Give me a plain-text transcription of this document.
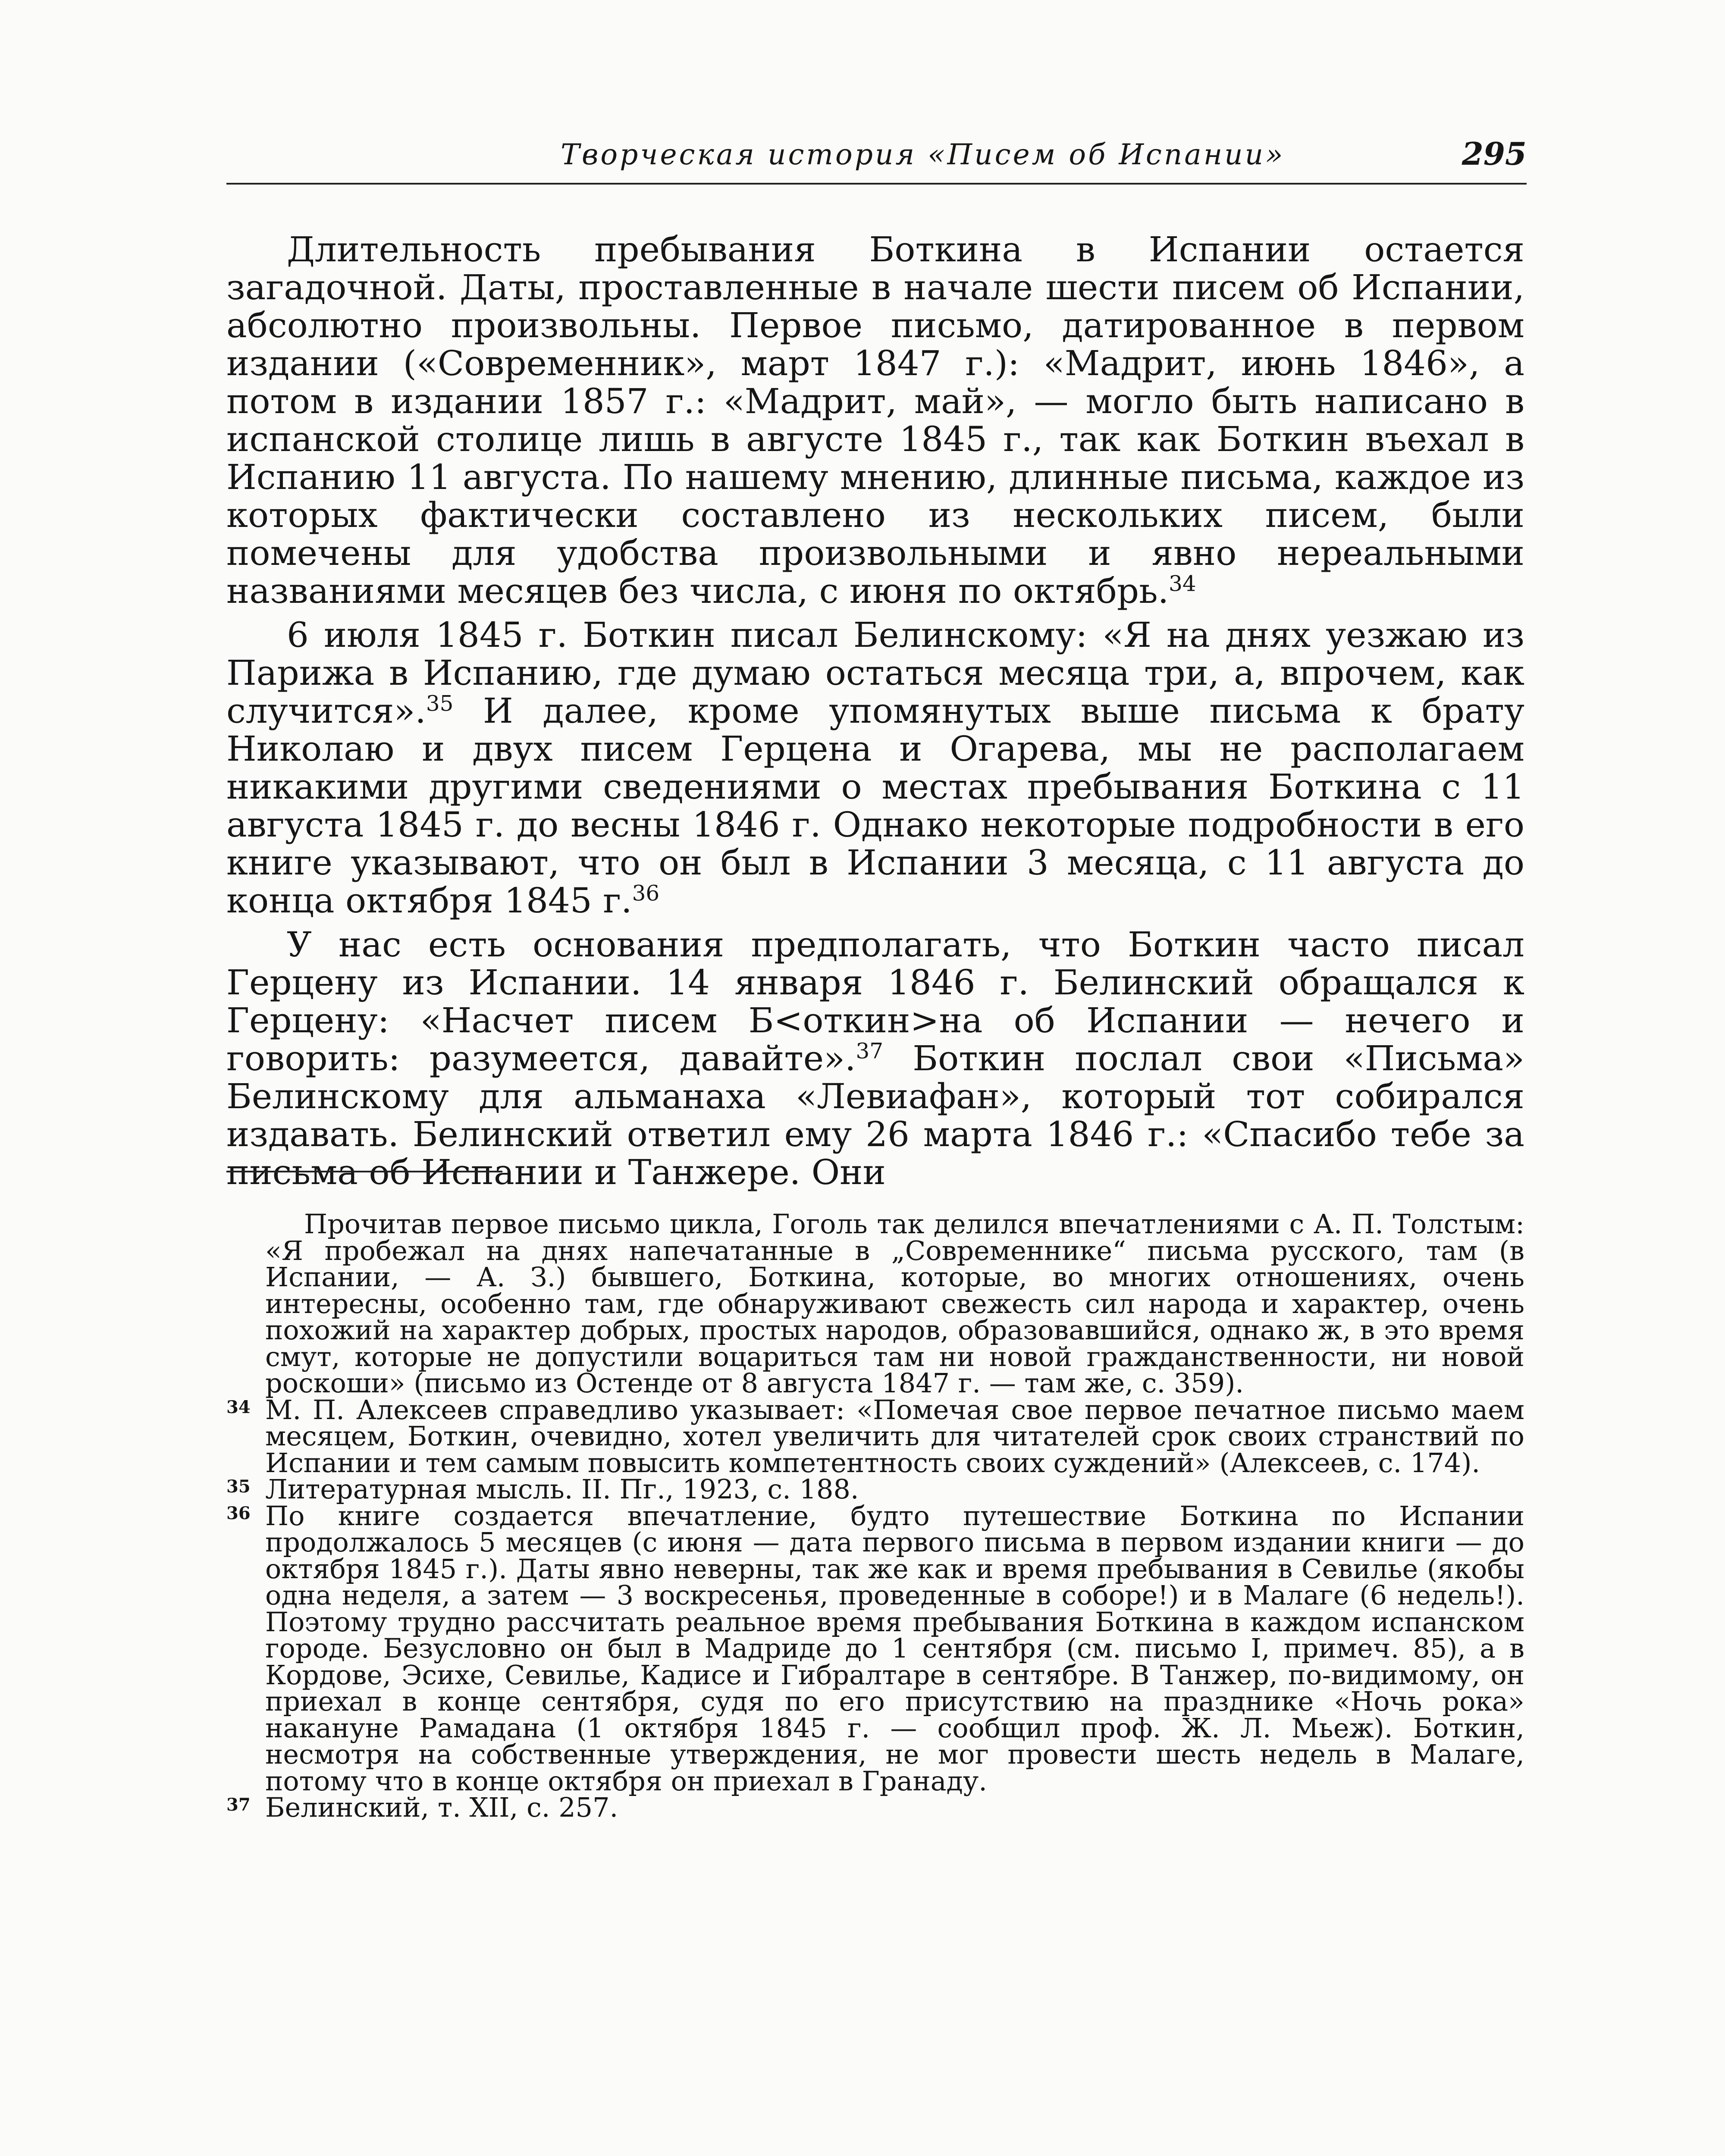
Творческая история «Писем об Испании»	295

Длительность пребывания Боткина в Испании остается загадочной. Даты, проставленные в начале шести писем об Испании, абсолютно произвольны. Первое письмо, датированное в первом издании («Современник», март 1847 г.): «Мадрит, июнь 1846», а потом в издании 1857 г.: «Мадрит, май», — могло быть написано в испанской столице лишь в августе 1845 г., так как Боткин въехал в Испанию 11 августа. По нашему мнению, длинные письма, каждое из которых фактически составлено из нескольких писем, были помечены для удобства произвольными и явно нереальными названиями месяцев без числа, с июня по октябрь.$^{34}$

6 июля 1845 г. Боткин писал Белинскому: «Я на днях уезжаю из Парижа в Испанию, где думаю остаться месяца три, а, впрочем, как случится».$^{35}$ И далее, кроме упомянутых выше письма к брату Николаю и двух писем Герцена и Огарева, мы не располагаем никакими другими сведениями о местах пребывания Боткина с 11 августа 1845 г. до весны 1846 г. Однако некоторые подробности в его книге указывают, что он был в Испании 3 месяца, с 11 августа до конца октября 1845 г.$^{36}$

У нас есть основания предполагать, что Боткин часто писал Герцену из Испании. 14 января 1846 г. Белинский обращался к Герцену: «Насчет писем Б<откин>на об Испании — нечего и говорить: разумеется, давайте».$^{37}$ Боткин послал свои «Письма» Белинскому для альманаха «Левиафан», который тот собирался издавать. Белинский ответил ему 26 марта 1846 г.: «Спасибо тебе за письма об Испании и Танжере. Они

Прочитав первое письмо цикла, Гоголь так делился впечатлениями с А. П. Толстым: «Я пробежал на днях напечатанные в „Современнике“ письма русского, там (в Испании, — А. З.) бывшего, Боткина, которые, во многих отношениях, очень интересны, особенно там, где обнаруживают свежесть сил народа и характер, очень похожий на характер добрых, простых народов, образовавшийся, однако ж, в это время смут, которые не допустили воцариться там ни новой гражданственности, ни новой роскоши» (письмо из Остенде от 8 августа 1847 г. — там же, с. 359).

34 М. П. Алексеев справедливо указывает: «Помечая свое первое печатное письмо маем месяцем, Боткин, очевидно, хотел увеличить для читателей срок своих странствий по Испании и тем самым повысить компетентность своих суждений» (Алексеев, с. 174).

35 Литературная мысль. II. Пг., 1923, с. 188.

36 По книге создается впечатление, будто путешествие Боткина по Испании продолжалось 5 месяцев (с июня — дата первого письма в первом издании книги — до октября 1845 г.). Даты явно неверны, так же как и время пребывания в Севилье (якобы одна неделя, а затем — 3 воскресенья, проведенные в соборе!) и в Малаге (6 недель!). Поэтому трудно рассчитать реальное время пребывания Боткина в каждом испанском городе. Безусловно он был в Мадриде до 1 сентября (см. письмо I, примеч. 85), а в Кордове, Эсихе, Севилье, Кадисе и Гибралтаре в сентябре. В Танжер, по-видимому, он приехал в конце сентября, судя по его присутствию на празднике «Ночь рока» накануне Рамадана (1 октября 1845 г. — сообщил проф. Ж. Л. Мьеж). Боткин, несмотря на собственные утверждения, не мог провести шесть недель в Малаге, потому что в конце октября он приехал в Гранаду.

37 Белинский, т. XII, с. 257.
